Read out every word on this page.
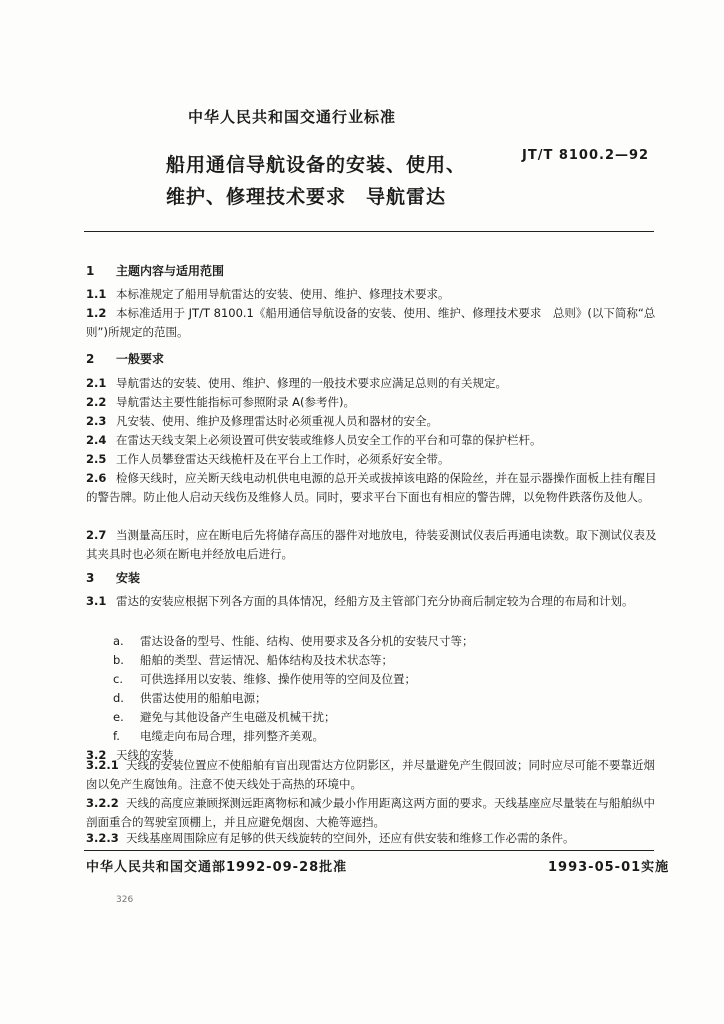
中华人民共和国交通行业标准
船用通信导航设备的安装、使用、
维护、修理技术要求　导航雷达
JT/T 8100.2—92
1 主题内容与适用范围
1.1 本标准规定了船用导航雷达的安装、使用、维护、修理技术要求。
1.2 本标准适用于 JT/T 8100.1《船用通信导航设备的安装、使用、维护、修理技术要求　总则》(以下简称“总则”)所规定的范围。
2 一般要求
2.1 导航雷达的安装、使用、维护、修理的一般技术要求应满足总则的有关规定。
2.2 导航雷达主要性能指标可参照附录 A(参考件)。
2.3 凡安装、使用、维护及修理雷达时必须重视人员和器材的安全。
2.4 在雷达天线支架上必须设置可供安装或维修人员安全工作的平台和可靠的保护栏杆。
2.5 工作人员攀登雷达天线桅杆及在平台上工作时，必须系好安全带。
2.6 检修天线时，应关断天线电动机供电电源的总开关或拔掉该电路的保险丝，并在显示器操作面板上挂有醒目的警告牌。防止他人启动天线伤及维修人员。同时，要求平台下面也有相应的警告牌，以免物件跌落伤及他人。
2.7 当测量高压时，应在断电后先将储存高压的器件对地放电，待装妥测试仪表后再通电读数。取下测试仪表及其夹具时也必须在断电并经放电后进行。
3 安装
3.1 雷达的安装应根据下列各方面的具体情况，经船方及主管部门充分协商后制定较为合理的布局和计划。
a. 雷达设备的型号、性能、结构、使用要求及各分机的安装尺寸等；
b. 船舶的类型、营运情况、船体结构及技术状态等；
c. 可供选择用以安装、维修、操作使用等的空间及位置；
d. 供雷达使用的船舶电源；
e. 避免与其他设备产生电磁及机械干扰；
f. 电缆走向布局合理，排列整齐美观。
3.2 天线的安装
3.2.1 天线的安装位置应不使船舶有盲出现雷达方位阴影区，并尽量避免产生假回波；同时应尽可能不要靠近烟囱以免产生腐蚀角。注意不使天线处于高热的环境中。
3.2.2 天线的高度应兼顾探测远距离物标和减少最小作用距离这两方面的要求。天线基座应尽量装在与船舶纵中剖面重合的驾驶室顶棚上，并且应避免烟囱、大桅等遮挡。
3.2.3 天线基座周围除应有足够的供天线旋转的空间外，还应有供安装和维修工作必需的条件。
中华人民共和国交通部1992-09-28批准	1993-05-01实施
326
